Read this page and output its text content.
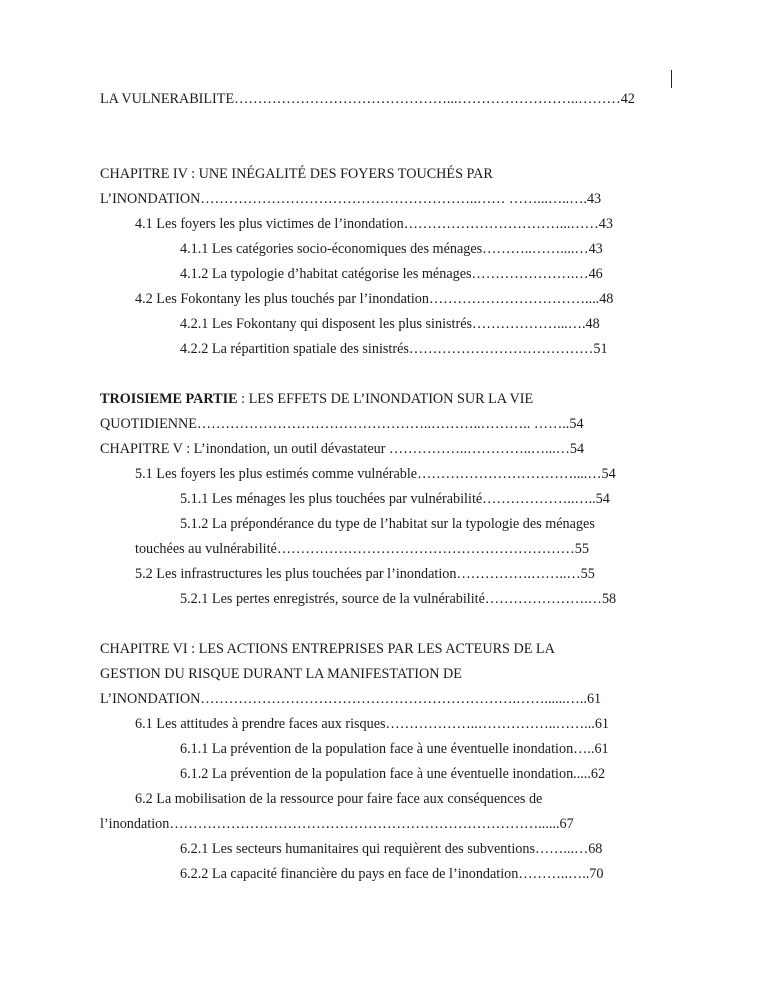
LA VULNERABILITE………………………………………...……………………..………42
CHAPITRE IV : UNE INÉGALITÉ DES FOYERS TOUCHÉS PAR
L’INONDATION…………………………………………………..…… ……...…..….43
4.1 Les foyers les plus victimes de l’inondation……………………………...……43
4.1.1 Les catégories socio-économiques des ménages………..……....…43
4.1.2 La typologie d’habitat catégorise les ménages………………….…46
4.2 Les Fokontany les plus touchés par l’inondation……………………………....48
4.2.1 Les Fokontany qui disposent les plus sinistrés………………...….48
4.2.2 La répartition spatiale des sinistrés…………………………………51
TROISIEME PARTIE : LES EFFETS DE L’INONDATION SUR LA VIE
QUOTIDIENNE…………………………………………..………..……….. ……..54
CHAPITRE V : L’inondation, un outil dévastateur ……………..…………..…...…54
5.1 Les foyers les plus estimés comme vulnérable……………………………....…54
5.1.1 Les ménages les plus touchées par vulnérabilité………………..…..54
5.1.2 La prépondérance du type de l’habitat sur la typologie des ménages
touchées au vulnérabilité………………………………………………………55
5.2 Les infrastructures les plus touchées par l’inondation…………….……..…55
5.2.1 Les pertes enregistrés, source de la vulnérabilité………………….…58
CHAPITRE VI : LES ACTIONS ENTREPRISES PAR LES ACTEURS DE LA
GESTION DU RISQUE DURANT LA MANIFESTATION DE
L’INONDATION………………………………………………………….……......…..61
6.1 Les attitudes à prendre faces aux risques………………..……………..……...61
6.1.1 La prévention de la population face à une éventuelle inondation…..61
6.1.2 La prévention de la population face à une éventuelle inondation.....62
6.2 La mobilisation de la ressource pour faire face aux conséquences de
l’inondation……………………………………………………………………......67
6.2.1 Les secteurs humanitaires qui requièrent des subventions……...…68
6.2.2 La capacité financière du pays en face de l’inondation………..…..70
